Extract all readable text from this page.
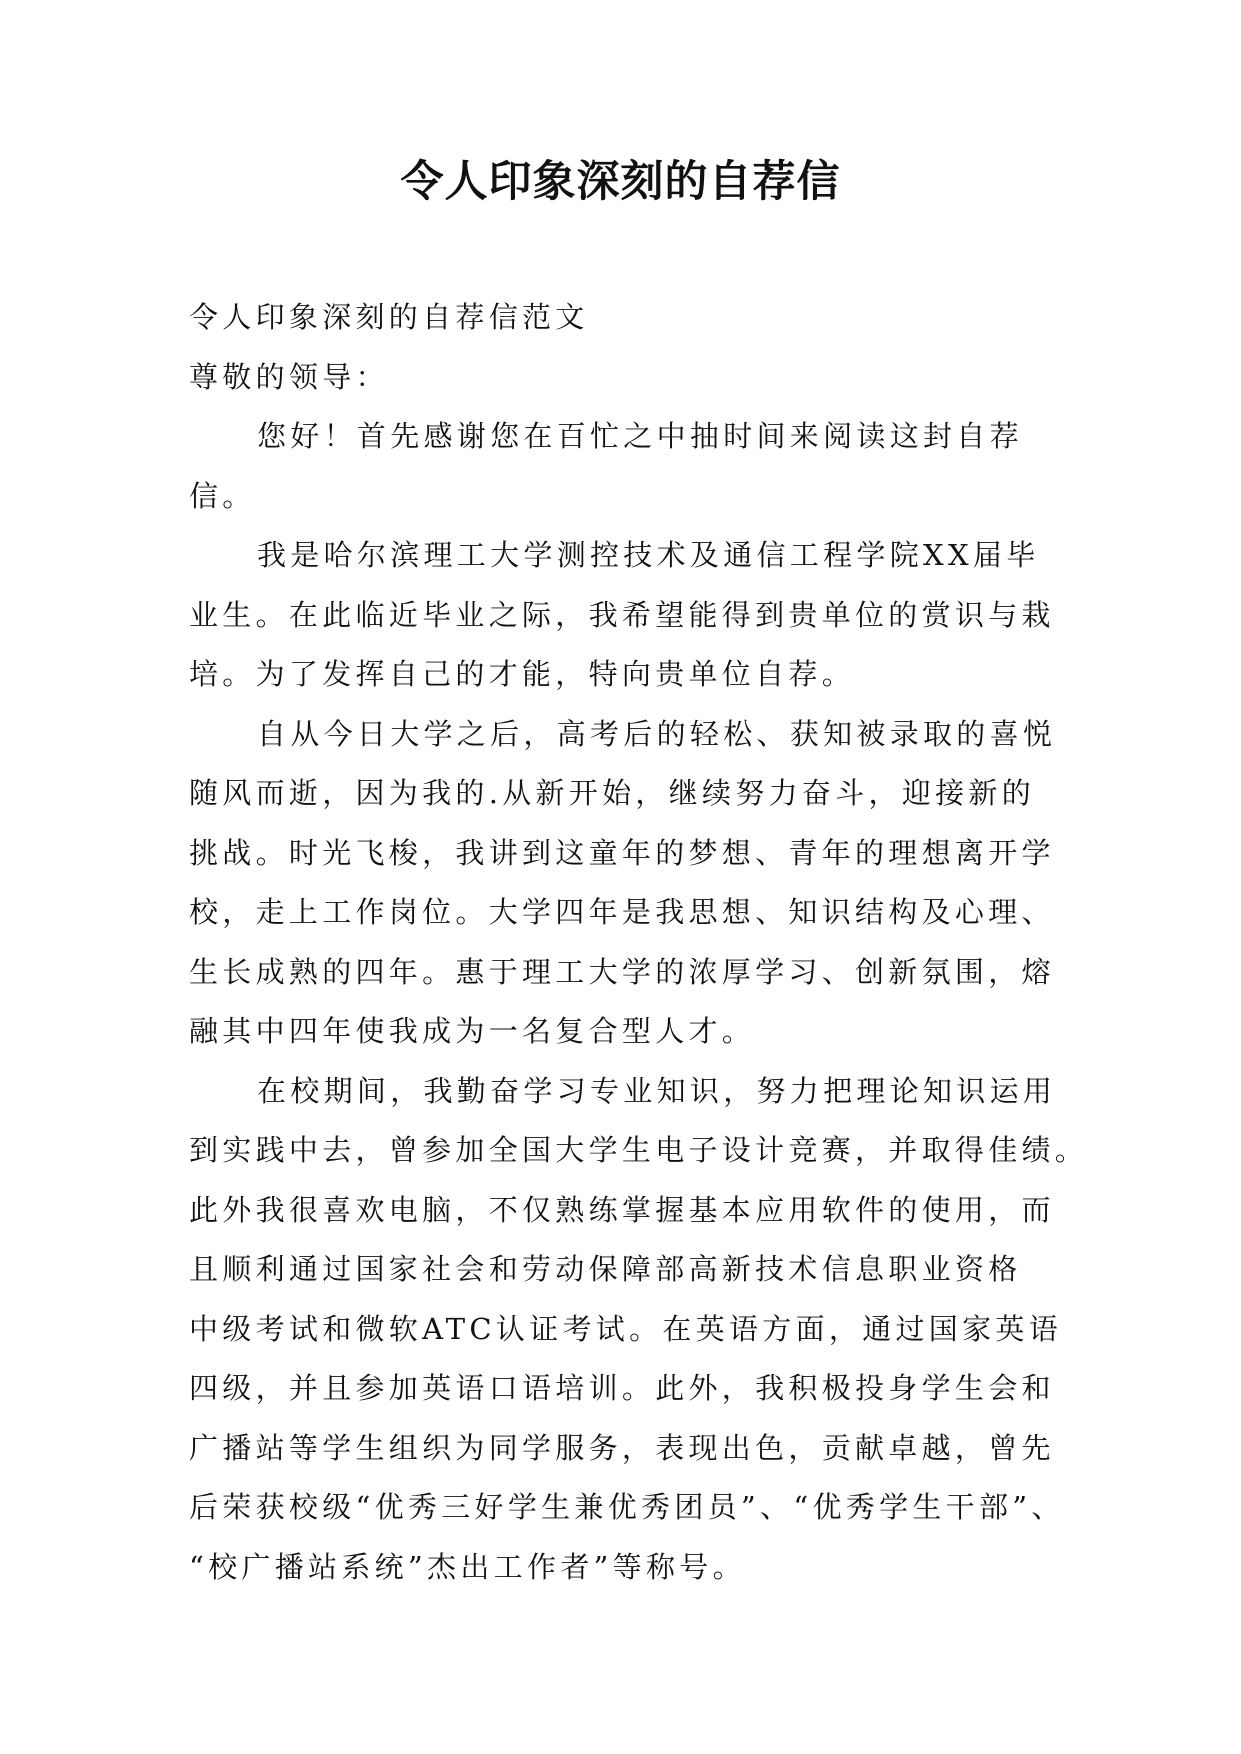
令人印象深刻的自荐信
令人印象深刻的自荐信范文
尊敬的领导：
您好！首先感谢您在百忙之中抽时间来阅读这封自荐
信。
我是哈尔滨理工大学测控技术及通信工程学院XX届毕
业生。在此临近毕业之际，我希望能得到贵单位的赏识与栽
培。为了发挥自己的才能，特向贵单位自荐。
自从今日大学之后，高考后的轻松、获知被录取的喜悦
随风而逝，因为我的.从新开始，继续努力奋斗，迎接新的
挑战。时光飞梭，我讲到这童年的梦想、青年的理想离开学
校，走上工作岗位。大学四年是我思想、知识结构及心理、
生长成熟的四年。惠于理工大学的浓厚学习、创新氛围，熔
融其中四年使我成为一名复合型人才。
在校期间，我勤奋学习专业知识，努力把理论知识运用
到实践中去，曾参加全国大学生电子设计竞赛，并取得佳绩。
此外我很喜欢电脑，不仅熟练掌握基本应用软件的使用，而
且顺利通过国家社会和劳动保障部高新技术信息职业资格
中级考试和微软ATC认证考试。在英语方面，通过国家英语
四级，并且参加英语口语培训。此外，我积极投身学生会和
广播站等学生组织为同学服务，表现出色，贡献卓越，曾先
后荣获校级“优秀三好学生兼优秀团员”、“优秀学生干部”、
“校广播站系统”杰出工作者”等称号。
